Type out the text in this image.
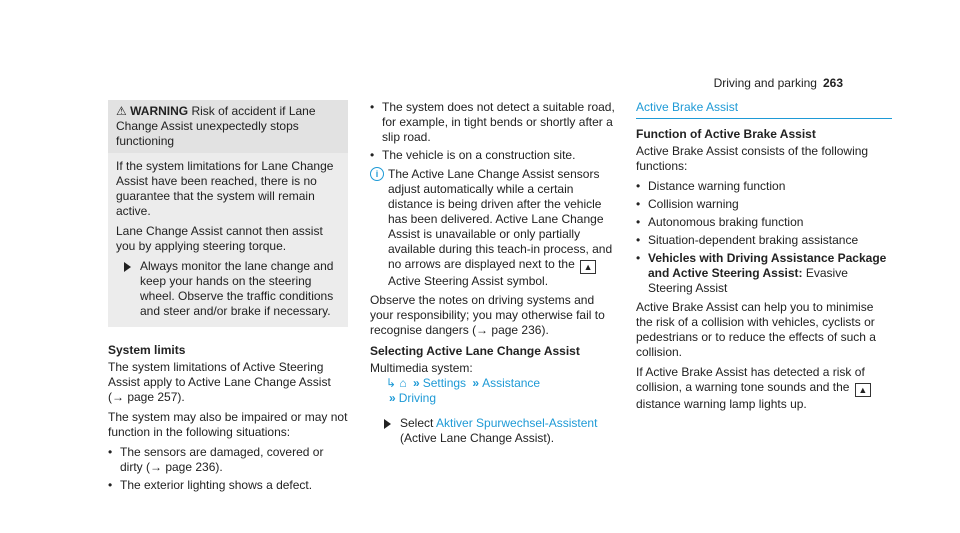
Driving and parking 263
⚠ WARNING Risk of accident if Lane Change Assist unexpectedly stops functioning

If the system limitations for Lane Change Assist have been reached, there is no guarantee that the system will remain active.

Lane Change Assist cannot then assist you by applying steering torque.

Always monitor the lane change and keep your hands on the steering wheel. Observe the traffic conditions and steer and/or brake if necessary.
System limits

The system limitations of Active Steering Assist apply to Active Lane Change Assist (→ page 257).

The system may also be impaired or may not function in the following situations:

• The sensors are damaged, covered or dirty (→ page 236).
• The exterior lighting shows a defect.
• The system does not detect a suitable road, for example, in tight bends or shortly after a slip road.
• The vehicle is on a construction site.
i The Active Lane Change Assist sensors adjust automatically while a certain distance is being driven after the vehicle has been delivered. Active Lane Change Assist is unavailable or only partially available during this teach-in process, and no arrows are displayed next to the ▲ Active Steering Assist symbol.

Observe the notes on driving systems and your responsibility; you may otherwise fail to recognise dangers (→ page 236).

Selecting Active Lane Change Assist

Multimedia system:

↳ ⌂ » Settings » Assistance
» Driving
Select Aktiver Spurwechsel-Assistent (Active Lane Change Assist).
Active Brake Assist
Function of Active Brake Assist

Active Brake Assist consists of the following functions:

• Distance warning function
• Collision warning
• Autonomous braking function
• Situation-dependent braking assistance
• Vehicles with Driving Assistance Package and Active Steering Assist: Evasive Steering Assist

Active Brake Assist can help you to minimise the risk of a collision with vehicles, cyclists or pedestrians or to reduce the effects of such a collision.

If Active Brake Assist has detected a risk of collision, a warning tone sounds and the ▲ distance warning lamp lights up.
